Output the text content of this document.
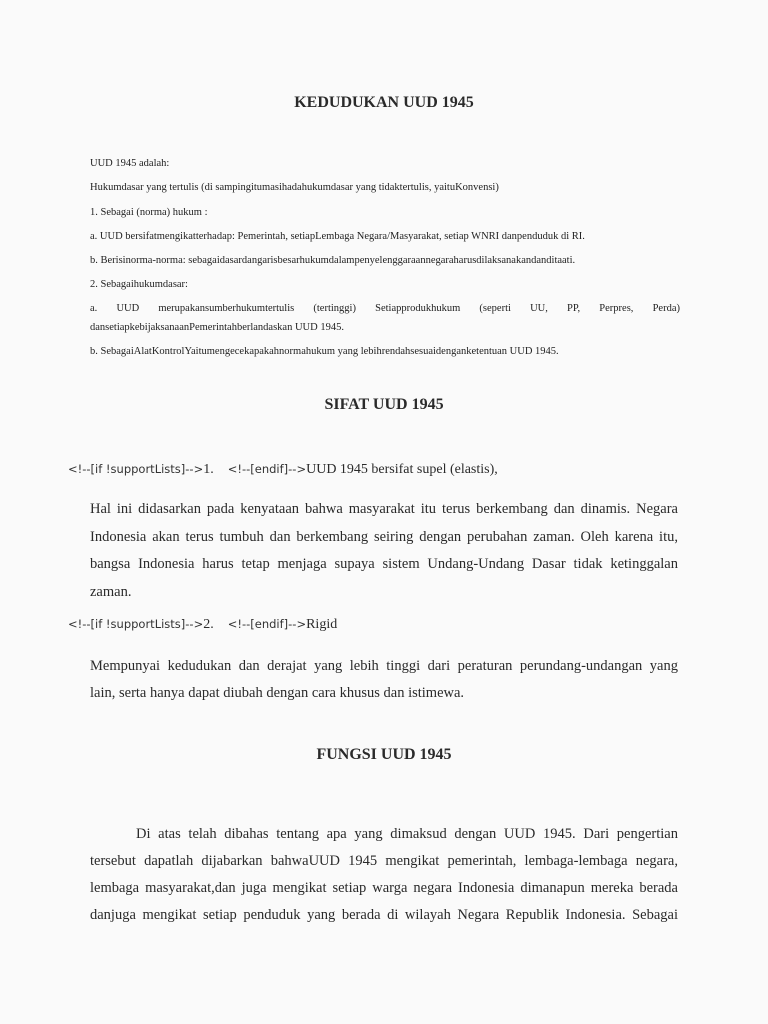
KEDUDUKAN UUD 1945

UUD 1945 adalah:

Hukumdasar yang tertulis (di sampingitumasihadahukumdasar yang tidaktertulis, yaituKonvensi)

1. Sebagai (norma) hukum :

a. UUD bersifatmengikatterhadap: Pemerintah, setiapLembaga Negara/Masyarakat, setiap WNRI danpenduduk di RI.

b. Berisinorma-norma: sebagaidasardangarisbesarhukumdalampenyelenggaraannegaraharusdilaksanakandanditaati.

2. Sebagaihukumdasar:

a. UUD merupakansumberhukumtertulis (tertinggi) Setiapprodukhukum (seperti UU, PP, Perpres, Perda)

dansetiapkebijaksanaanPemerintahberlandaskan UUD 1945.

b. SebagaiAlatKontrolYaitumengecekapakahnormahukum yang lebihrendahsesuaidenganketentuan UUD 1945.

SIFAT UUD 1945
<!--[if !supportLists]-->1. <!--[endif]-->UUD 1945 bersifat supel (elastis),

Hal ini didasarkan pada kenyataan bahwa masyarakat itu terus berkembang dan dinamis. Negara

Indonesia akan terus tumbuh dan berkembang seiring dengan perubahan zaman. Oleh karena itu,

bangsa Indonesia harus tetap menjaga supaya sistem Undang-Undang Dasar tidak ketinggalan

zaman.

<!--[if !supportLists]-->2. <!--[endif]-->Rigid

Mempunyai kedudukan dan derajat yang lebih tinggi dari peraturan perundang-undangan yang

lain, serta hanya dapat diubah dengan cara khusus dan istimewa.

FUNGSI UUD 1945

Di atas telah dibahas tentang apa yang dimaksud dengan UUD 1945. Dari pengertian

tersebut dapatlah dijabarkan bahwaUUD 1945 mengikat pemerintah, lembaga-lembaga negara,

lembaga masyarakat,dan juga mengikat setiap warga negara Indonesia dimanapun mereka berada

danjuga mengikat setiap penduduk yang berada di wilayah Negara Republik Indonesia. Sebagai
